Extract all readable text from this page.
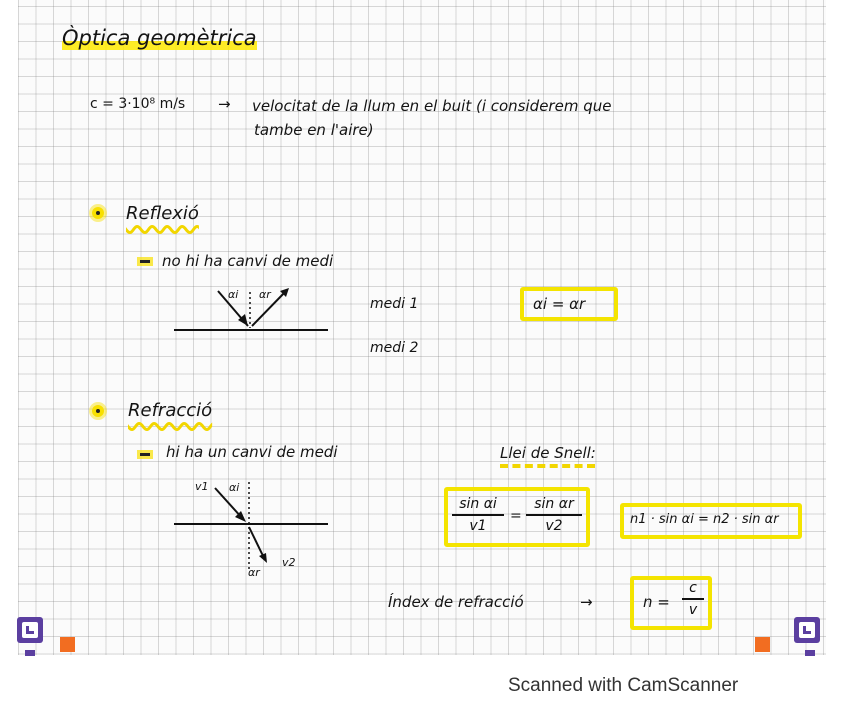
Òptica geomètrica
c = 3·10⁸ m/s → velocitat de la llum en el buit (i considerem que
tambe en l'aire)
Reflexió
no hi ha canvi de medi
αi αr
medi 1
medi 2
αi = αr
Refracció
hi ha un canvi de medi	Llei de Snell:
v1 αi
αr
v2
sin αi
v1
=
sin αr
v2	n1 · sin αi = n2 · sin αr
Índex de refracció	→	n =
c
v
Scanned with CamScanner
